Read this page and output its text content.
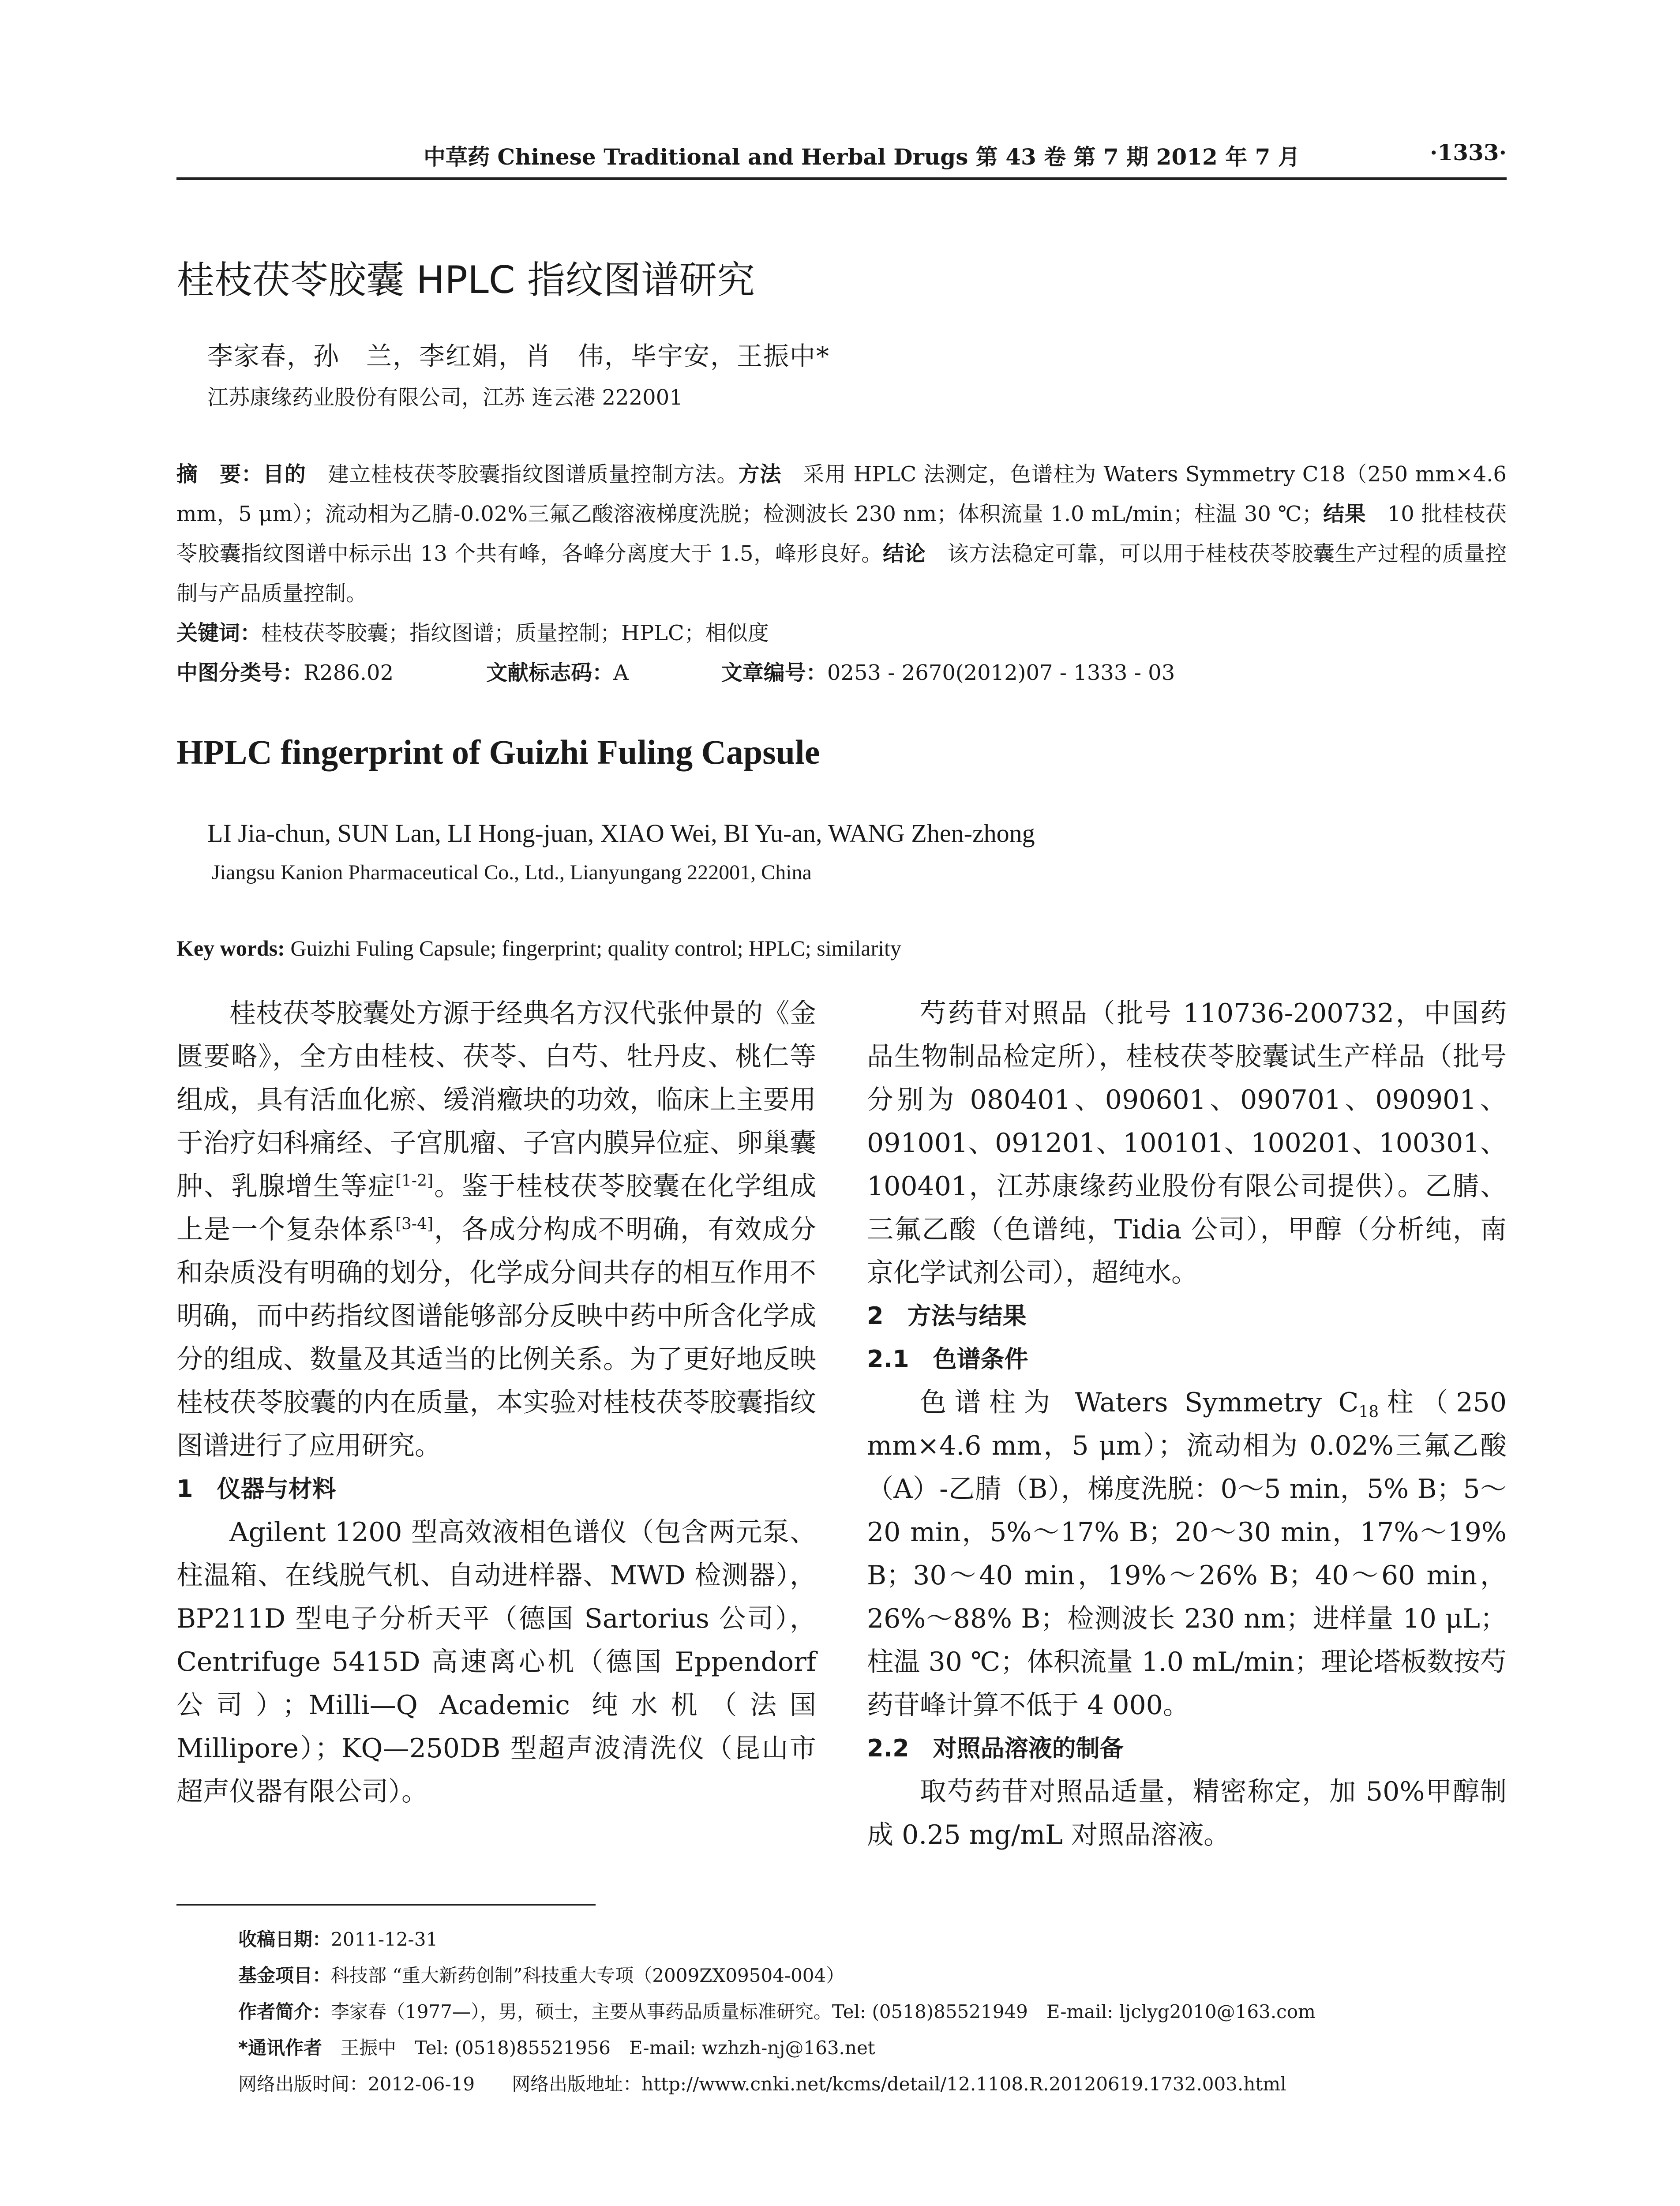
中草药 Chinese Traditional and Herbal Drugs 第 43 卷 第 7 期 2012 年 7 月	·1333·
桂枝茯苓胶囊 HPLC 指纹图谱研究
李家春，孙　兰，李红娟，肖　伟，毕宇安，王振中*
江苏康缘药业股份有限公司，江苏 连云港 222001
摘　要：目的　建立桂枝茯苓胶囊指纹图谱质量控制方法。方法　采用 HPLC 法测定，色谱柱为 Waters Symmetry C18（250 mm×4.6 mm，5 μm）；流动相为乙腈-0.02%三氟乙酸溶液梯度洗脱；检测波长 230 nm；体积流量 1.0 mL/min；柱温 30 ℃；结果　10 批桂枝茯苓胶囊指纹图谱中标示出 13 个共有峰，各峰分离度大于 1.5，峰形良好。结论　该方法稳定可靠，可以用于桂枝茯苓胶囊生产过程的质量控制与产品质量控制。
关键词：桂枝茯苓胶囊；指纹图谱；质量控制；HPLC；相似度
中图分类号：R286.02	文献标志码：A	文章编号：0253 - 2670(2012)07 - 1333 - 03
HPLC fingerprint of Guizhi Fuling Capsule
LI Jia-chun, SUN Lan, LI Hong-juan, XIAO Wei, BI Yu-an, WANG Zhen-zhong
Jiangsu Kanion Pharmaceutical Co., Ltd., Lianyungang 222001, China
Key words: Guizhi Fuling Capsule; fingerprint; quality control; HPLC; similarity

桂枝茯苓胶囊处方源于经典名方汉代张仲景的《金匮要略》，全方由桂枝、茯苓、白芍、牡丹皮、桃仁等组成，具有活血化瘀、缓消癥块的功效，临床上主要用于治疗妇科痛经、子宫肌瘤、子宫内膜异位症、卵巢囊肿、乳腺增生等症[1-2]。鉴于桂枝茯苓胶囊在化学组成上是一个复杂体系[3-4]，各成分构成不明确，有效成分和杂质没有明确的划分，化学成分间共存的相互作用不明确，而中药指纹图谱能够部分反映中药中所含化学成分的组成、数量及其适当的比例关系。为了更好地反映桂枝茯苓胶囊的内在质量，本实验对桂枝茯苓胶囊指纹图谱进行了应用研究。

1　仪器与材料

Agilent 1200 型高效液相色谱仪（包含两元泵、柱温箱、在线脱气机、自动进样器、MWD 检测器），BP211D 型电子分析天平（德国 Sartorius 公司），Centrifuge 5415D 高速离心机（德国 Eppendorf 公司）；Milli—Q Academic 纯水机（法国 Millipore）；KQ—250DB 型超声波清洗仪（昆山市超声仪器有限公司）。

芍药苷对照品（批号 110736-200732，中国药品生物制品检定所），桂枝茯苓胶囊试生产样品（批号分别为 080401、090601、090701、090901、091001、091201、100101、100201、100301、100401，江苏康缘药业股份有限公司提供）。乙腈、三氟乙酸（色谱纯，Tidia 公司），甲醇（分析纯，南京化学试剂公司），超纯水。

2　方法与结果
2.1　色谱条件

色谱柱为 Waters Symmetry $C_{18}$柱（250 mm×4.6 mm，5 μm）；流动相为 0.02%三氟乙酸（A）-乙腈（B），梯度洗脱：0～5 min，5% B；5～20 min，5%～17% B；20～30 min，17%～19% B；30～40 min，19%～26% B；40～60 min，26%～88% B；检测波长 230 nm；进样量 10 μL；柱温 30 ℃；体积流量 1.0 mL/min；理论塔板数按芍药苷峰计算不低于 4 000。

2.2　对照品溶液的制备

取芍药苷对照品适量，精密称定，加 50%甲醇制成 0.25 mg/mL 对照品溶液。

收稿日期：2011-12-31
基金项目：科技部 “重大新药创制”科技重大专项（2009ZX09504-004）
作者简介：李家春（1977—），男，硕士，主要从事药品质量标准研究。Tel: (0518)85521949　E-mail: ljclyg2010@163.com
*通讯作者　王振中　Tel: (0518)85521956　E-mail: wzhzh-nj@163.net
网络出版时间：2012-06-19　　网络出版地址：http://www.cnki.net/kcms/detail/12.1108.R.20120619.1732.003.html
